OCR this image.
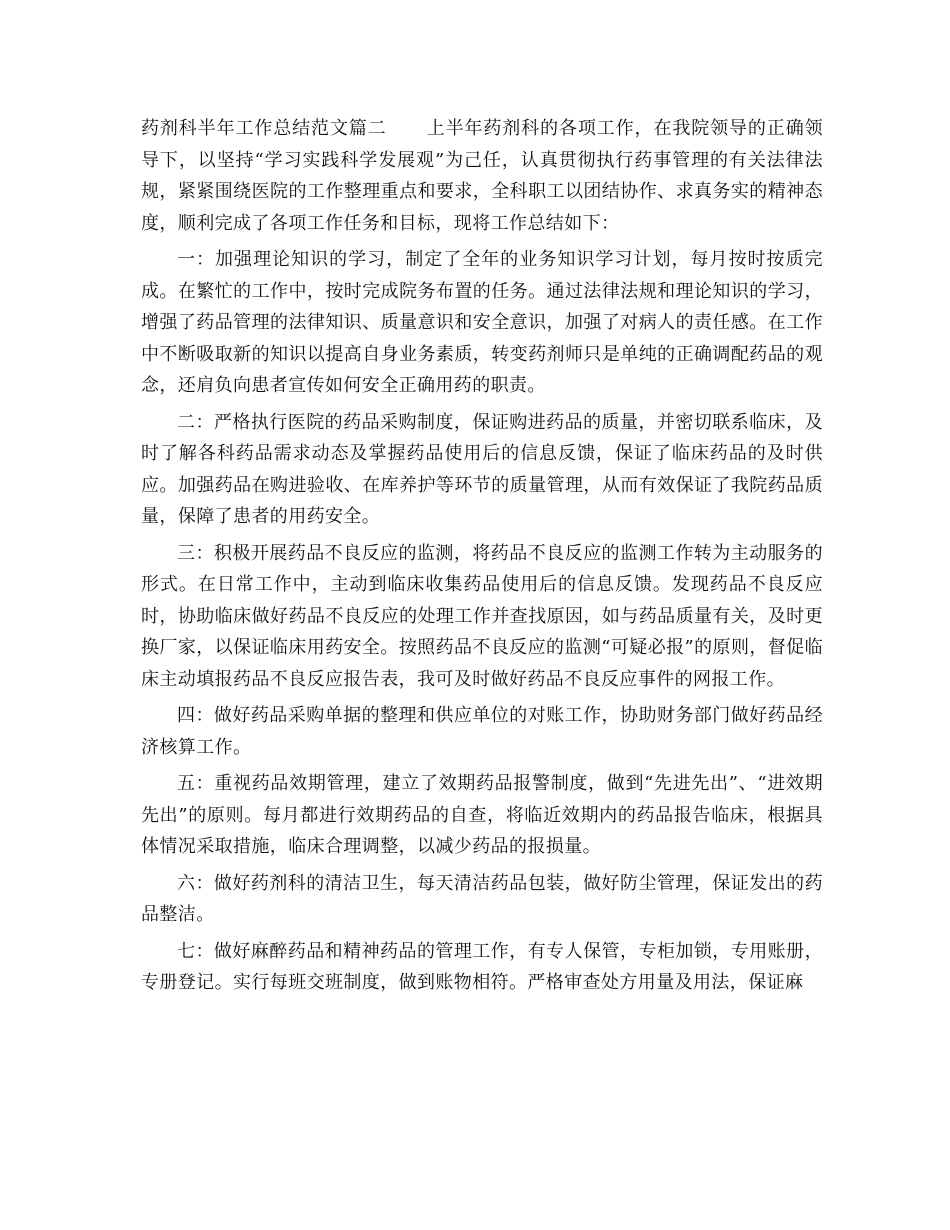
药剂科半年工作总结范文篇二 上半年药剂科的各项工作，在我院领导的正确领导下，以坚持“学习实践科学发展观”为己任，认真贯彻执行药事管理的有关法律法规，紧紧围绕医院的工作整理重点和要求，全科职工以团结协作、求真务实的精神态度，顺利完成了各项工作任务和目标，现将工作总结如下：

一：加强理论知识的学习，制定了全年的业务知识学习计划，每月按时按质完成。在繁忙的工作中，按时完成院务布置的任务。通过法律法规和理论知识的学习，增强了药品管理的法律知识、质量意识和安全意识，加强了对病人的责任感。在工作中不断吸取新的知识以提高自身业务素质，转变药剂师只是单纯的正确调配药品的观念，还肩负向患者宣传如何安全正确用药的职责。

二：严格执行医院的药品采购制度，保证购进药品的质量，并密切联系临床，及时了解各科药品需求动态及掌握药品使用后的信息反馈，保证了临床药品的及时供应。加强药品在购进验收、在库养护等环节的质量管理，从而有效保证了我院药品质量，保障了患者的用药安全。

三：积极开展药品不良反应的监测，将药品不良反应的监测工作转为主动服务的形式。在日常工作中，主动到临床收集药品使用后的信息反馈。发现药品不良反应时，协助临床做好药品不良反应的处理工作并查找原因，如与药品质量有关，及时更换厂家，以保证临床用药安全。按照药品不良反应的监测“可疑必报”的原则，督促临床主动填报药品不良反应报告表，我可及时做好药品不良反应事件的网报工作。

四：做好药品采购单据的整理和供应单位的对账工作，协助财务部门做好药品经济核算工作。

五：重视药品效期管理，建立了效期药品报警制度，做到“先进先出”、“进效期先出”的原则。每月都进行效期药品的自查，将临近效期内的药品报告临床，根据具体情况采取措施，临床合理调整，以减少药品的报损量。

六：做好药剂科的清洁卫生，每天清洁药品包装，做好防尘管理，保证发出的药品整洁。

七：做好麻醉药品和精神药品的管理工作，有专人保管，专柜加锁，专用账册，专册登记。实行每班交班制度，做到账物相符。严格审查处方用量及用法，保证麻
